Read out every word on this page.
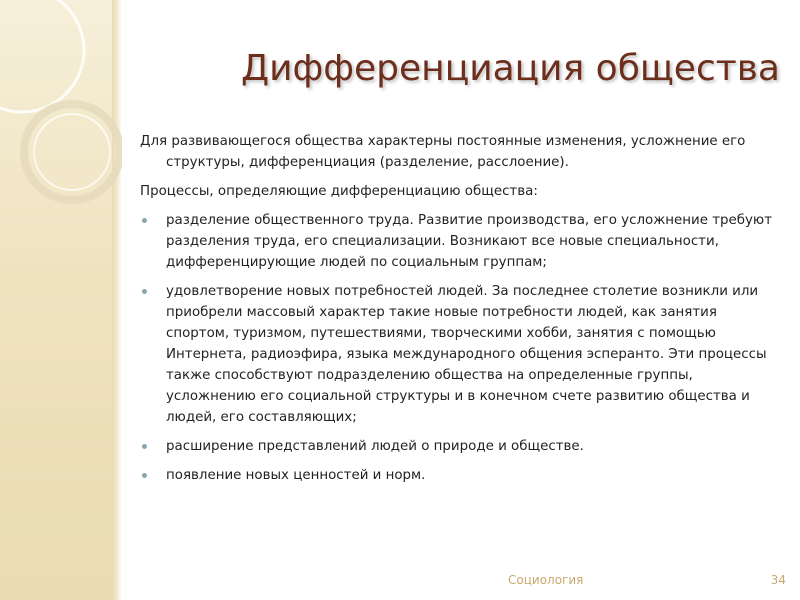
Дифференциация общества

Для развивающегося общества характерны постоянные изменения, усложнение его структуры, дифференциация (разделение, расслоение).

Процессы, определяющие дифференциацию общества:

разделение общественного труда. Развитие производства, его усложнение требуют разделения труда, его специализации. Возникают все новые специальности, дифференцирующие людей по социальным группам;
удовлетворение новых потребностей людей. За последнее столетие возникли или приобрели массовый характер такие новые потребности людей, как занятия спортом, туризмом, путешествиями, творческими хобби, занятия с помощью Интернета, радиоэфира, языка международного общения эсперанто. Эти процессы также способствуют подразделению общества на определенные группы, усложнению его социальной структуры и в конечном счете развитию общества и людей, его составляющих;
расширение представлений людей о природе и обществе.
появление новых ценностей и норм.
Социология	34
